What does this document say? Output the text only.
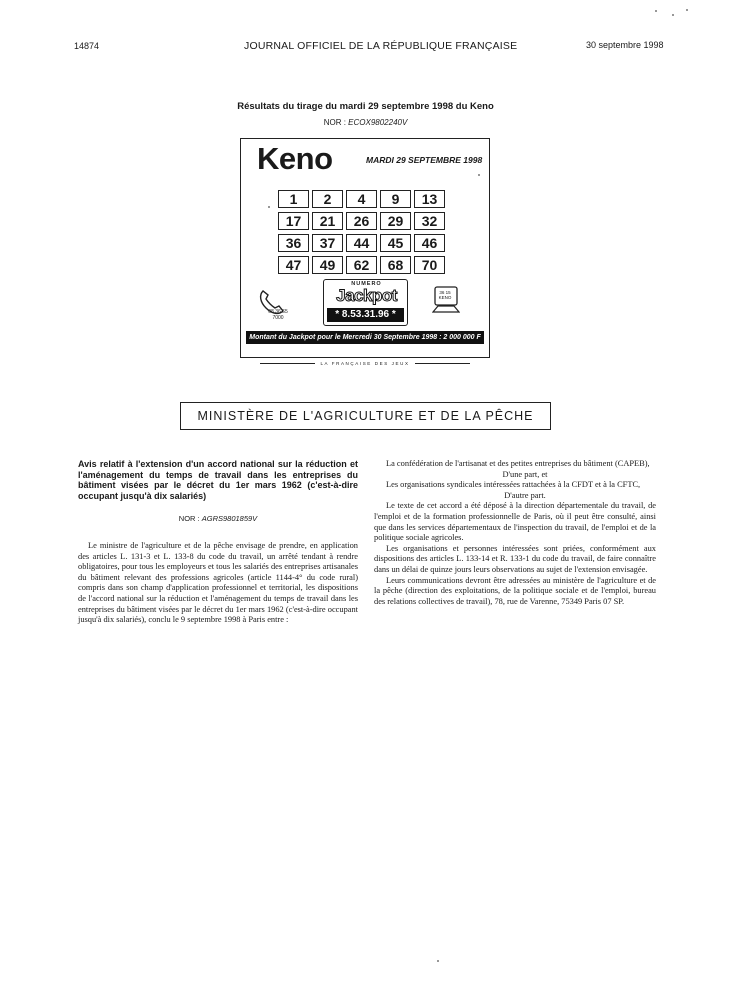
14874	JOURNAL OFFICIEL DE LA RÉPUBLIQUE FRANÇAISE	30 septembre 1998
Résultats du tirage du mardi 29 septembre 1998 du Keno
NOR : ECOX9802240V
Keno	MARDI 29 SEPTEMBRE 1998
1	2	4	9	13
17	21	26	29	32
36	37	44	45	46
47	49	62	68	70
08 36 65
7000
NUMERO
Jackpot
* 8.53.31.96 *
36 15
KENO
Montant du Jackpot pour le Mercredi 30 Septembre 1998 : 2 000 000 F
LA FRANÇAISE DES JEUX
MINISTÈRE DE L'AGRICULTURE ET DE LA PÊCHE
Avis relatif à l'extension d'un accord national sur la réduction et l'aménagement du temps de travail dans les entreprises du bâtiment visées par le décret du 1er mars 1962 (c'est-à-dire occupant jusqu'à dix salariés)
NOR : AGRS9801859V
Le ministre de l'agriculture et de la pêche envisage de prendre, en application des articles L. 131-3 et L. 133-8 du code du travail, un arrêté tendant à rendre obligatoires, pour tous les employeurs et tous les salariés des entreprises artisanales du bâtiment relevant des professions agricoles (article 1144-4° du code rural) compris dans son champ d'application professionnel et territorial, les dispositions de l'accord national sur la réduction et l'aménagement du temps de travail dans les entreprises du bâtiment visées par le décret du 1er mars 1962 (c'est-à-dire occupant jusqu'à dix salariés), conclu le 9 septembre 1998 à Paris entre :

La confédération de l'artisanat et des petites entreprises du bâtiment (CAPEB),

D'une part, et

Les organisations syndicales intéressées rattachées à la CFDT et à la CFTC,

D'autre part.

Le texte de cet accord a été déposé à la direction départementale du travail, de l'emploi et de la formation professionnelle de Paris, où il peut être consulté, ainsi que dans les services départementaux de l'inspection du travail, de l'emploi et de la politique sociale agricoles.

Les organisations et personnes intéressées sont priées, conformément aux dispositions des articles L. 133-14 et R. 133-1 du code du travail, de faire connaître dans un délai de quinze jours leurs observations au sujet de l'extension envisagée.

Leurs communications devront être adressées au ministère de l'agriculture et de la pêche (direction des exploitations, de la politique sociale et de l'emploi, bureau des relations collectives de travail), 78, rue de Varenne, 75349 Paris 07 SP.
